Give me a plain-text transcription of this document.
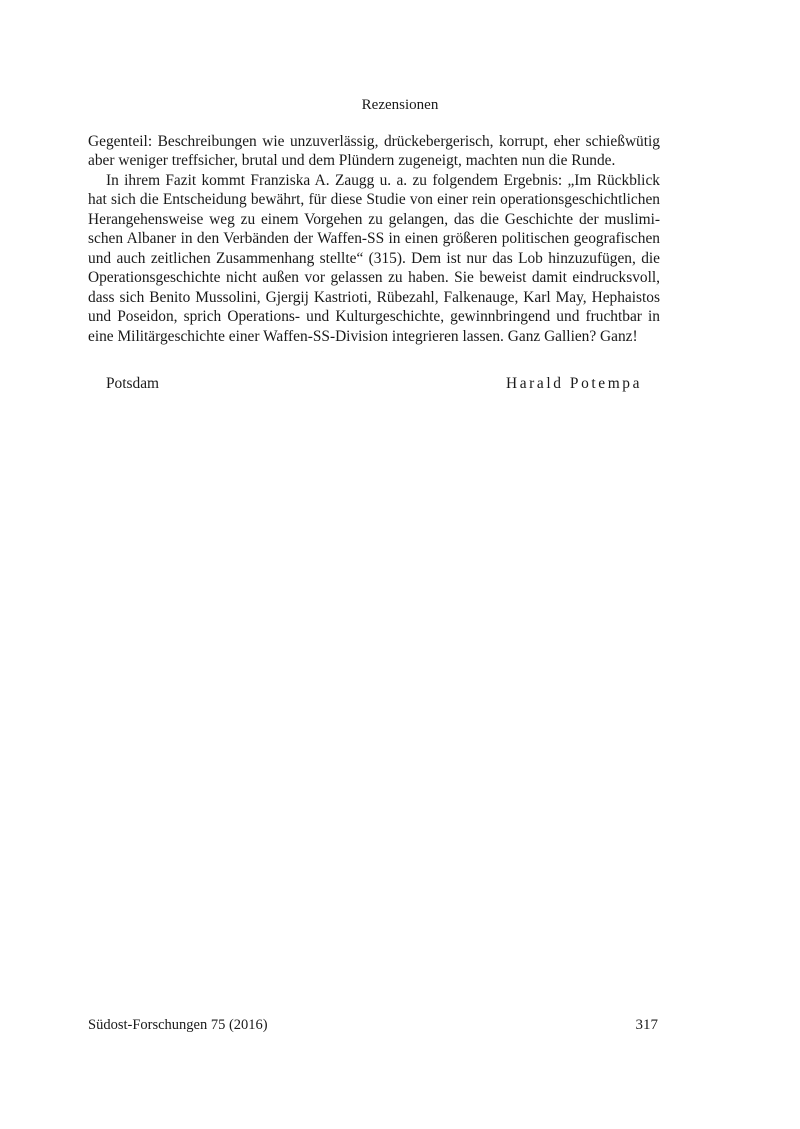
Rezensionen

Gegenteil: Beschreibungen wie unzuverlässig, drückebergerisch, korrupt, eher schießwütig aber weniger treffsicher, brutal und dem Plündern zugeneigt, machten nun die Runde.

In ihrem Fazit kommt Franziska A. Zaugg u. a. zu folgendem Ergebnis: „Im Rückblick hat sich die Entscheidung bewährt, für diese Studie von einer rein operationsgeschichtlichen Herangehensweise weg zu einem Vorgehen zu gelangen, das die Geschichte der muslimischen Albaner in den Verbänden der Waffen-SS in einen größeren politischen geografischen und auch zeitlichen Zusammenhang stellte“ (315). Dem ist nur das Lob hinzuzufügen, die Operationsgeschichte nicht außen vor gelassen zu haben. Sie beweist damit eindrucksvoll, dass sich Benito Mussolini, Gjergij Kastrioti, Rübezahl, Falkenauge, Karl May, Hephaistos und Poseidon, sprich Operations- und Kulturgeschichte, gewinnbringend und fruchtbar in eine Militärgeschichte einer Waffen-SS-Division integrieren lassen. Ganz Gallien? Ganz!

Potsdam	Harald Potempa
Südost-Forschungen 75 (2016)	317
